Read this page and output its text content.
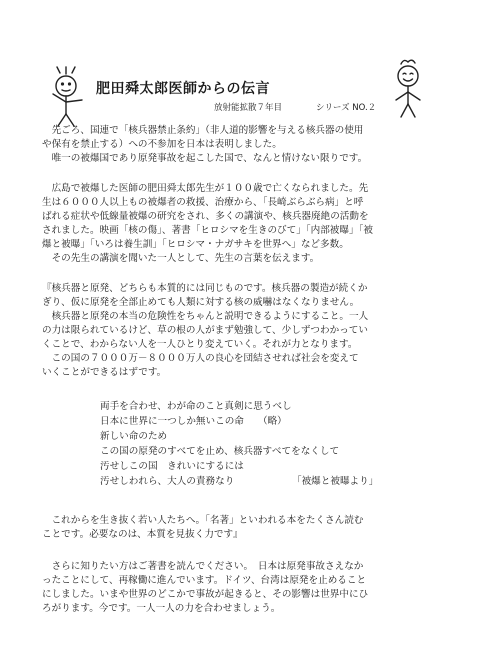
肥田舜太郎医師からの伝言
放射能拡散７年目	シリーズ NO.２
　先ごろ、国連で「核兵器禁止条約」（非人道的影響を与える核兵器の使用
や保有を禁止する）への不参加を日本は表明しました。
　唯一の被爆国であり原発事故を起こした国で、なんと情けない限りです。
　広島で被爆した医師の肥田舜太郎先生が１００歳で亡くなられました。先
生は６０００人以上もの被爆者の救援、治療から、「長崎ぶらぶら病」と呼
ばれる症状や低線量被爆の研究をされ、多くの講演や、核兵器廃絶の活動を
されました。映画「核の傷」、著書「ヒロシマを生きのびて」「内部被曝」「被
爆と被曝」「いろは養生訓」「ヒロシマ・ナガサキを世界へ」など多数。
　その先生の講演を聞いた一人として、先生の言葉を伝えます。
『核兵器と原発、どちらも本質的には同じものです。核兵器の製造が続くか
ぎり、仮に原発を全部止めても人類に対する核の威嚇はなくなりません。
　核兵器と原発の本当の危険性をちゃんと説明できるようにすること。一人
の力は限られているけど、草の根の人がまず勉強して、少しずつわかってい
くことで、わからない人を一人ひとり変えていく。それが力となります。
　この国の７０００万－８０００万人の良心を団結させれば社会を変えて
いくことができるはずです。
両手を合わせ、わが命のこと真剣に思うべし
日本に世界に一つしか無いこの命 （略）
新しい命のため
この国の原発のすべてを止め、核兵器すべてをなくして
汚せしこの国　きれいにするには
汚せしわれら、大人の責務なり	「被爆と被曝より」
　これからを生き抜く若い人たちへ。「名著」といわれる本をたくさん読む
ことです。必要なのは、本質を見抜く力です』
　さらに知りたい方はご著書を読んでください。　日本は原発事故さえなか
ったことにして、再稼働に進んでいます。ドイツ、台湾は原発を止めること
にしました。いまや世界のどこかで事故が起きると、その影響は世界中にひ
ろがります。今です。一人一人の力を合わせましょう。
